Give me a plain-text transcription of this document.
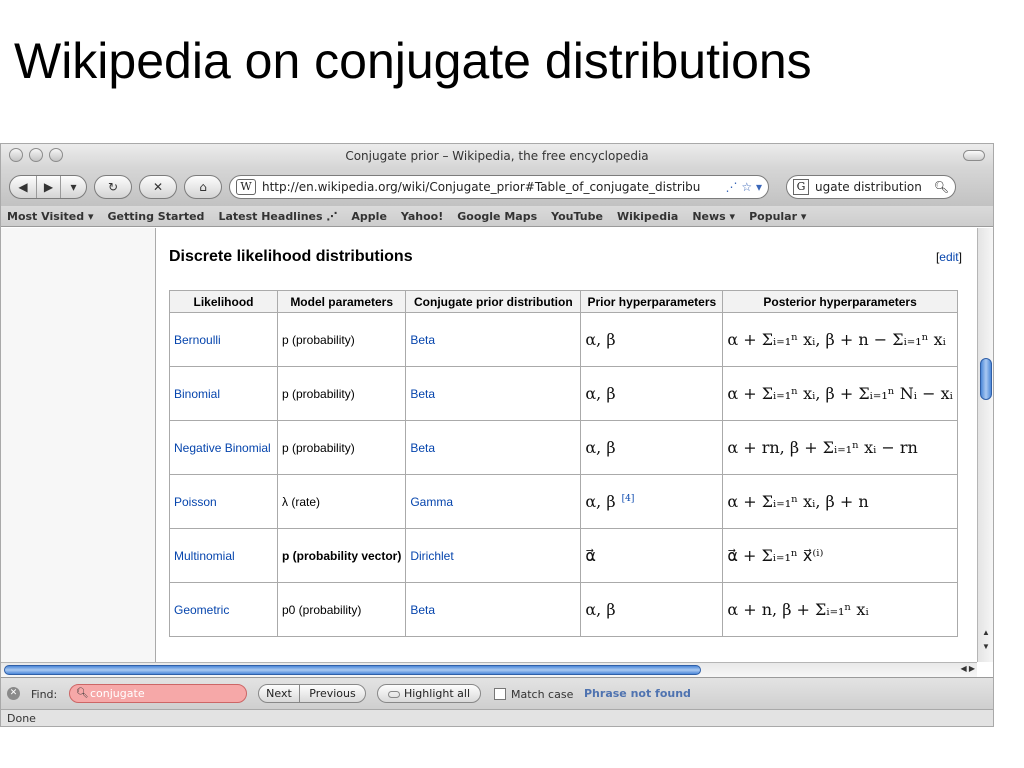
Wikipedia on conjugate distributions
Conjugate prior – Wikipedia, the free encyclopedia
◀	▶	▾	↻	✕	⌂	W http://en.wikipedia.org/wiki/Conjugate_prior#Table_of_conjugate_distribu	⋰ ☆ ▾	G ugate distribution 🔍︎
Most Visited ▾ Getting Started Latest Headlines ⋰ Apple Yahoo! Google Maps YouTube Wikipedia News ▾ Popular ▾
Discrete likelihood distributions	[edit]
Likelihood	Model parameters	Conjugate prior distribution	Prior hyperparameters	Posterior hyperparameters
Bernoulli	p (probability)	Beta	α, β	α + Σᵢ₌₁ⁿ xᵢ, β + n − Σᵢ₌₁ⁿ xᵢ
Binomial	p (probability)	Beta	α, β	α + Σᵢ₌₁ⁿ xᵢ, β + Σᵢ₌₁ⁿ Nᵢ − xᵢ
Negative Binomial	p (probability)	Beta	α, β	α + rn, β + Σᵢ₌₁ⁿ xᵢ − rn
Poisson	λ (rate)	Gamma	α, β [4]	α + Σᵢ₌₁ⁿ xᵢ, β + n
Multinomial	p (probability vector)	Dirichlet	α⃗	α⃗ + Σᵢ₌₁ⁿ x⃗⁽ⁱ⁾
Geometric	p0 (probability)	Beta	α, β	α + n, β + Σᵢ₌₁ⁿ xᵢ
▲
▼
◀ ▶
✕ Find: 🔍︎ conjugate	Next	Previous	Highlight all	Match case Phrase not found
Done
